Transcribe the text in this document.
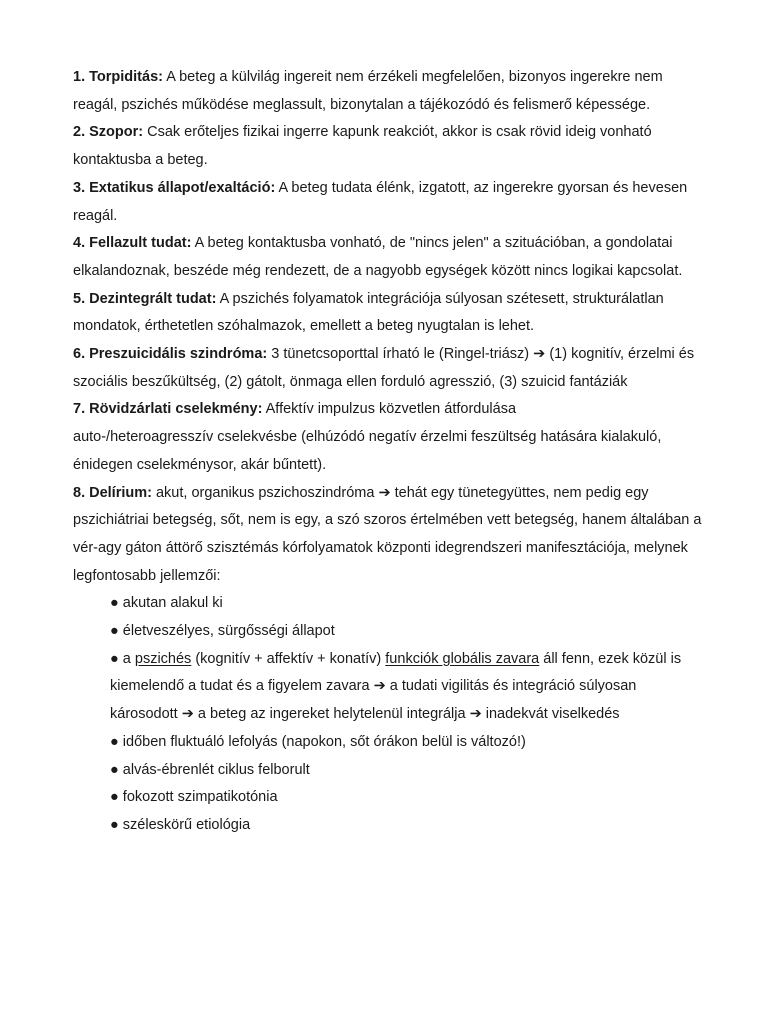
1. Torpiditás: A beteg a külvilág ingereit nem érzékeli megfelelően, bizonyos ingerekre nem reagál, pszichés működése meglassult, bizonytalan a tájékozódó és felismerő képessége.

2. Szopor: Csak erőteljes fizikai ingerre kapunk reakciót, akkor is csak rövid ideig vonható kontaktusba a beteg.

3. Extatikus állapot/exaltáció: A beteg tudata élénk, izgatott, az ingerekre gyorsan és hevesen reagál.

4. Fellazult tudat: A beteg kontaktusba vonható, de "nincs jelen" a szituációban, a gondolatai elkalandoznak, beszéde még rendezett, de a nagyobb egységek között nincs logikai kapcsolat.

5. Dezintegrált tudat: A pszichés folyamatok integrációja súlyosan szétesett, strukturálatlan mondatok, érthetetlen szóhalmazok, emellett a beteg nyugtalan is lehet.

6. Preszuicidális szindróma: 3 tünetcsoporttal írható le (Ringel-triász) ➔ (1) kognitív, érzelmi és szociális beszűkültség, (2) gátolt, önmaga ellen forduló agresszió, (3) szuicid fantáziák

7. Rövidzárlati cselekmény: Affektív impulzus közvetlen átfordulása

auto-/heteroagresszív cselekvésbe (elhúzódó negatív érzelmi feszültség hatására kialakuló, énidegen cselekménysor, akár bűntett).

8. Delírium: akut, organikus pszichoszindróma ➔ tehát egy tünetegyüttes, nem pedig egy pszichiátriai betegség, sőt, nem is egy, a szó szoros értelmében vett betegség, hanem általában a vér-agy gáton áttörő szisztémás kórfolyamatok központi idegrendszeri manifesztációja, melynek legfontosabb jellemzői:

● akutan alakul ki
● életveszélyes, sürgősségi állapot
● a pszichés (kognitív + affektív + konatív) funkciók globális zavara áll fenn, ezek közül is kiemelendő a tudat és a figyelem zavara ➔ a tudati vigilitás és integráció súlyosan károsodott ➔ a beteg az ingereket helytelenül integrálja ➔ inadekvát viselkedés
● időben fluktuáló lefolyás (napokon, sőt órákon belül is változó!)
● alvás-ébrenlét ciklus felborult
● fokozott szimpatikotónia
● széleskörű etiológia
